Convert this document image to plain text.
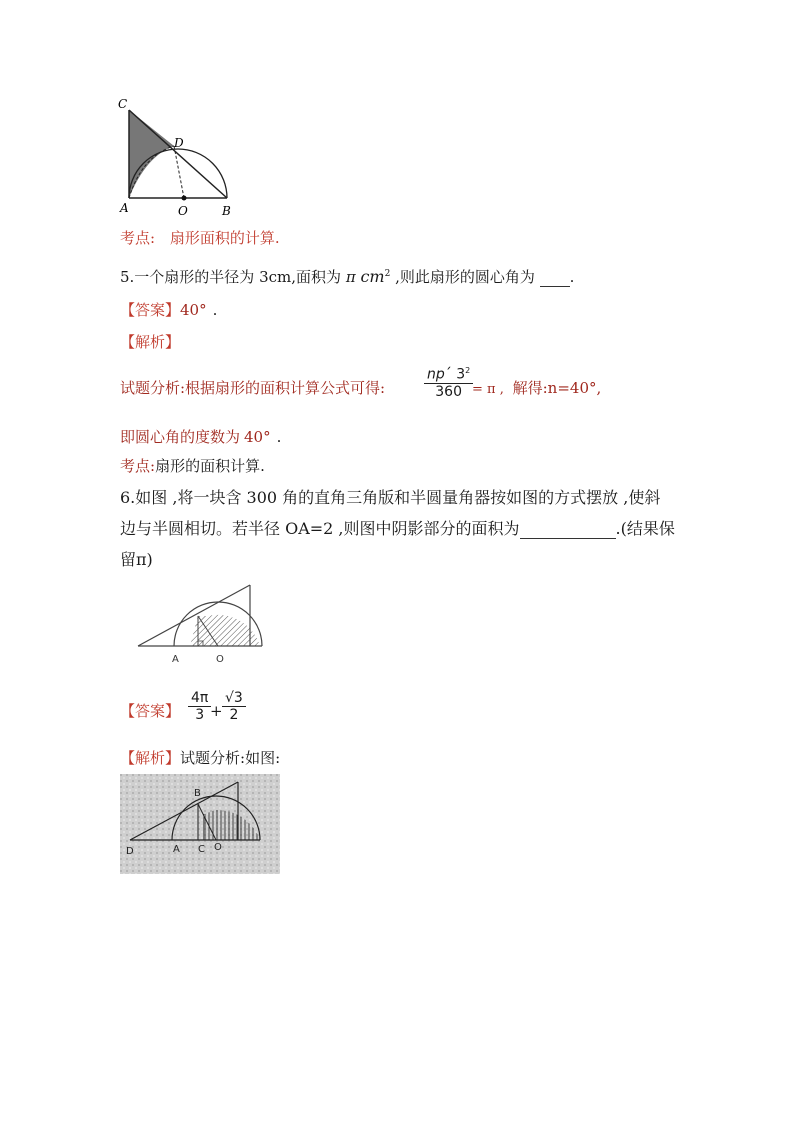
C
D
A	O	B
考点: 扇形面积的计算.
5.一个扇形的半径为 3cm,面积为 π $cm^2$ ,则此扇形的圆心角为 .
【答案】40° .
【解析】
试题分析:根据扇形的面积计算公式可得:	$\frac{np´ 3^2}{360}$
= π , 解得:n=40°,
即圆心角的度数为 40° .
考点:扇形的面积计算.
6.如图 ,将一块含 300 角的直角三角版和半圆量角器按如图的方式摆放 ,使斜
边与半圆相切。若半径 OA=2 ,则图中阴影部分的面积为	.(结果保
留π)
A	O
【答案】 $\frac{4\pi}{3}$
+ $\frac{√3}{2}$
【解析】试题分析:如图:
B
D	A C O
